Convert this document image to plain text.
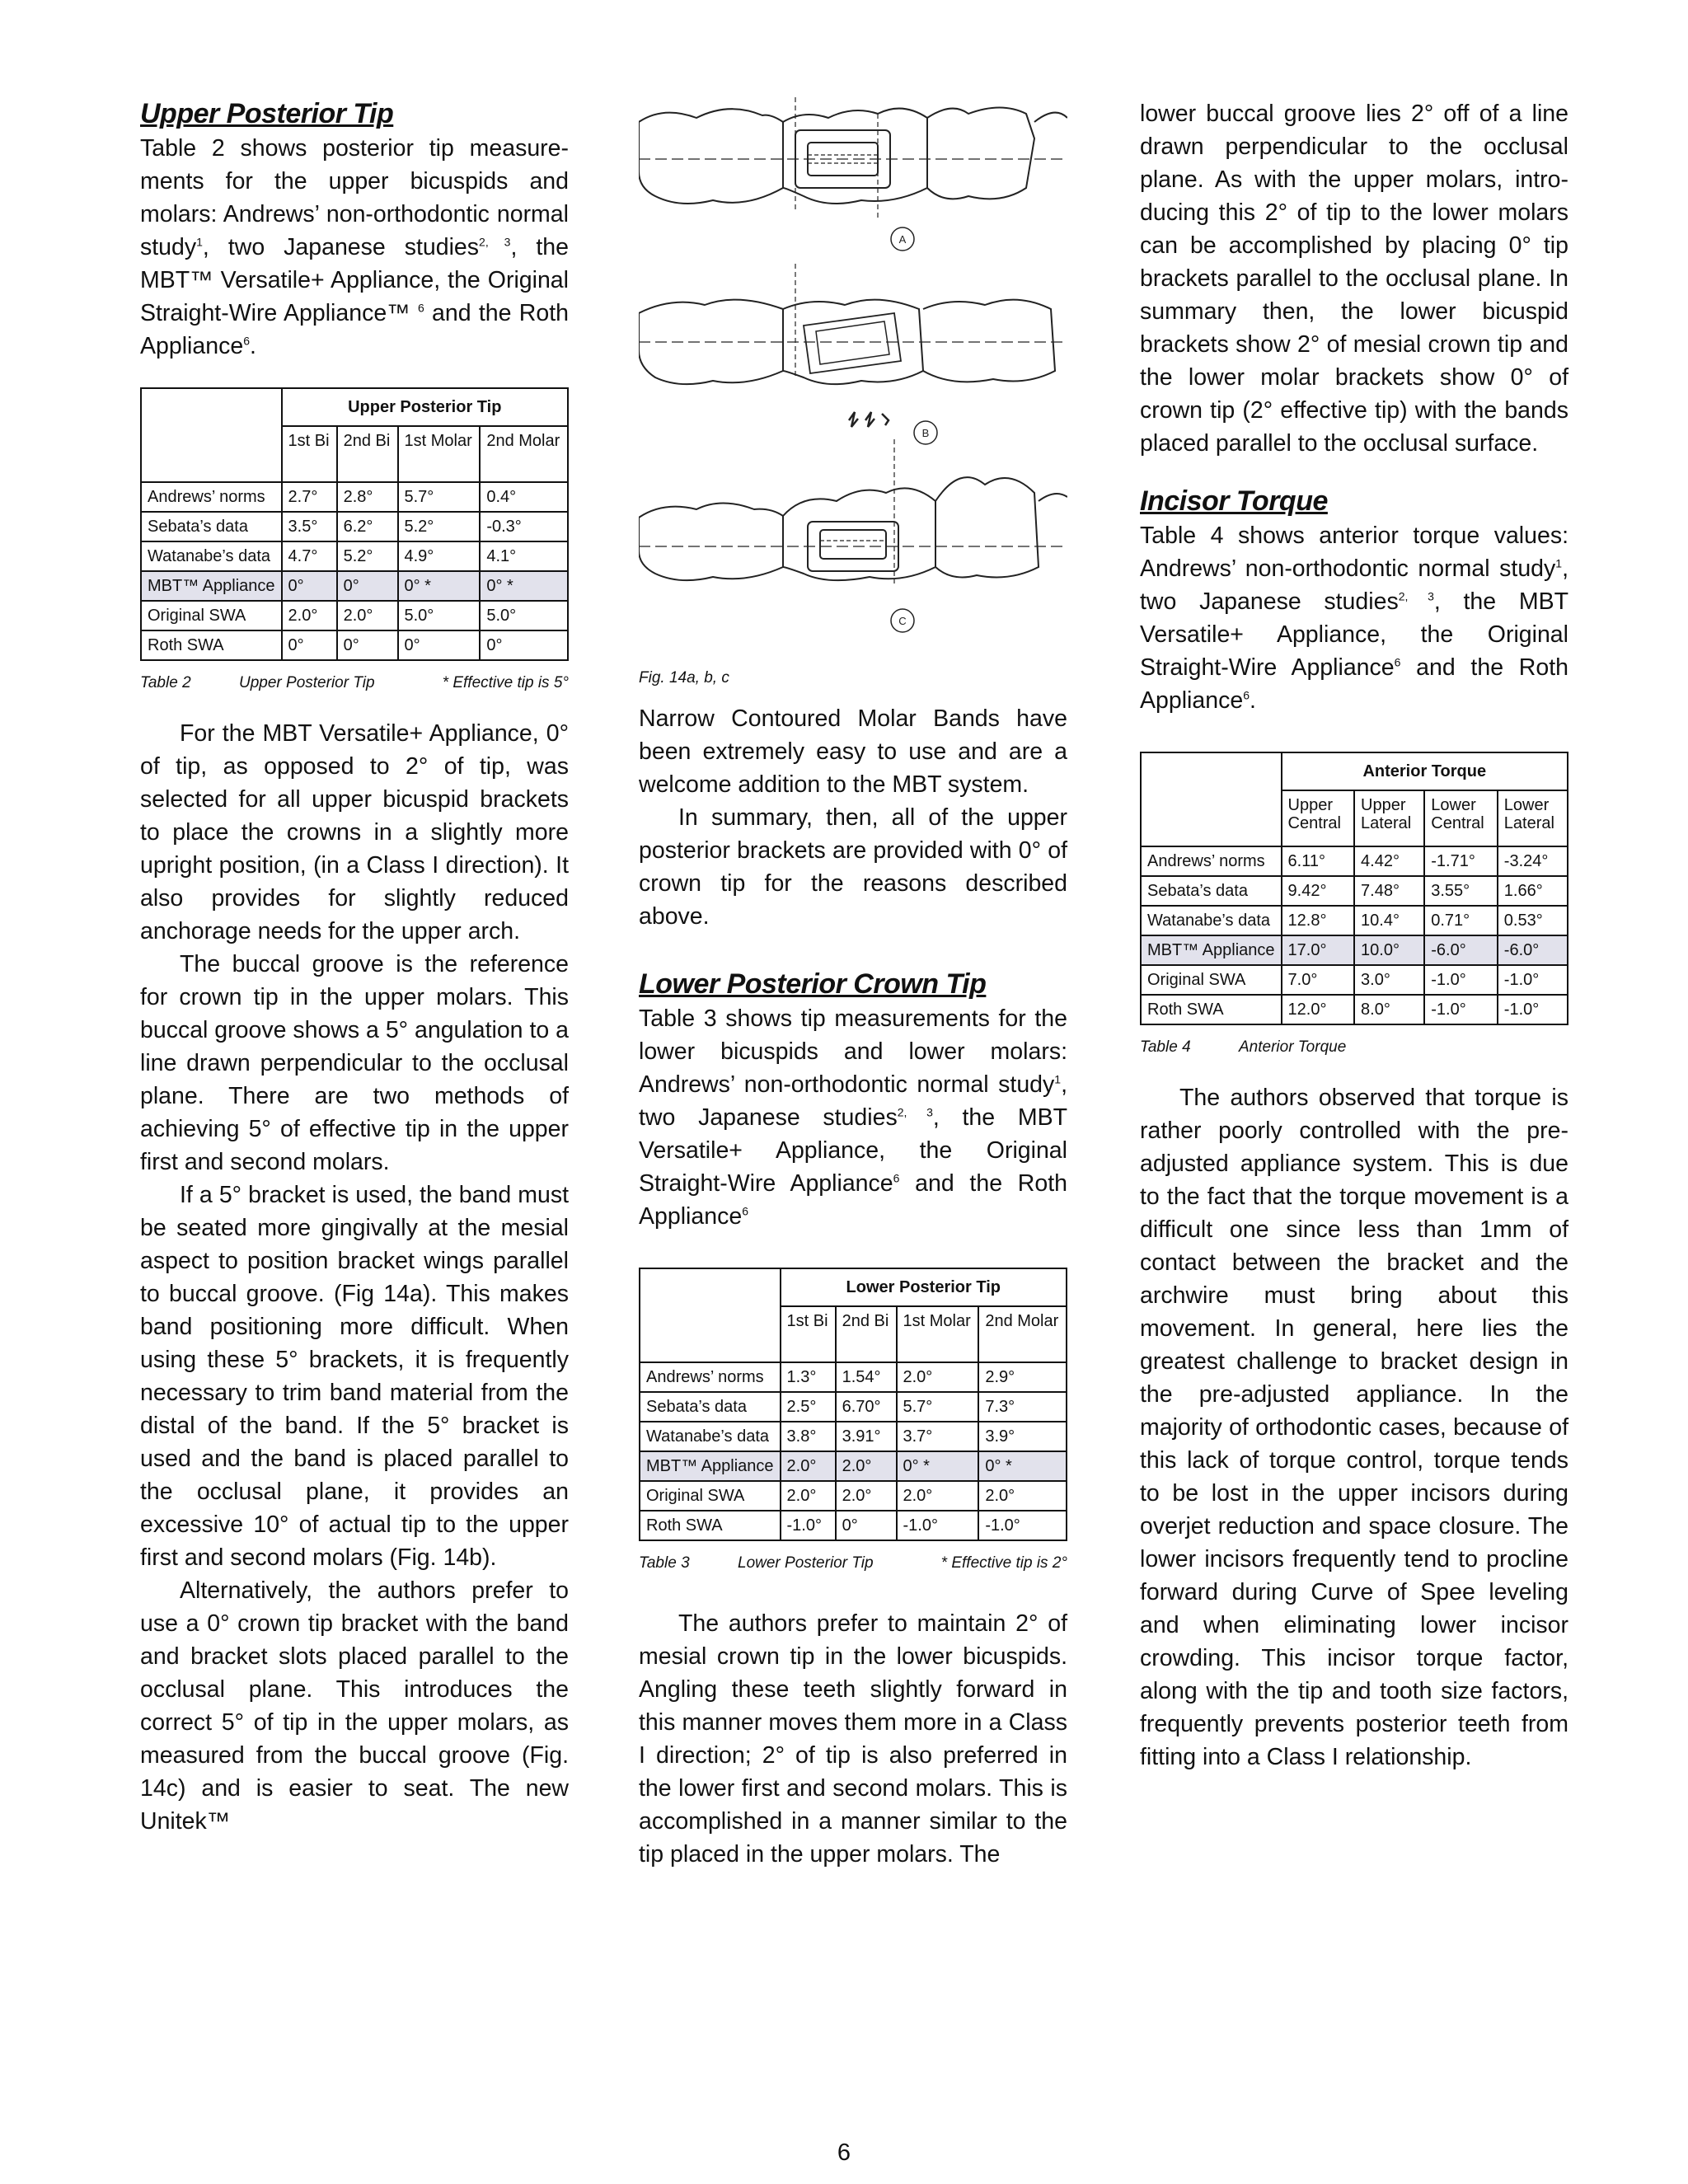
Upper Posterior Tip

Table 2 shows posterior tip measure-ments for the upper bicuspids and molars: Andrews’ non-orthodontic normal study$^1$, two Japanese studies$^{2, 3}$, the MBT™ Versatile+ Appliance, the Original Straight-Wire Appliance™ $^6$ and the Roth Appliance$^6$.

	Upper Posterior Tip			
	1st Bi	2nd Bi	1st Molar	2nd Molar
Andrews’ norms	2.7°	2.8°	5.7°	0.4°
Sebata’s data	3.5°	6.2°	5.2°	-0.3°
Watanabe’s data	4.7°	5.2°	4.9°	4.1°
MBT™ Appliance	0°	0°	0° *	0° *
Original SWA	2.0°	2.0°	5.0°	5.0°
Roth SWA	0°	0°	0°	0°
Table 2	Upper Posterior Tip	* Effective tip is 5°

For the MBT Versatile+ Appliance, 0° of tip, as opposed to 2° of tip, was selected for all upper bicuspid brackets to place the crowns in a slightly more upright position, (in a Class I direction). It also provides for slightly reduced anchorage needs for the upper arch.

The buccal groove is the reference for crown tip in the upper molars. This buccal groove shows a 5° angulation to a line drawn perpendicular to the occlusal plane. There are two methods of achieving 5° of effective tip in the upper first and second molars.

If a 5° bracket is used, the band must be seated more gingivally at the mesial aspect to position bracket wings parallel to buccal groove. (Fig 14a). This makes band positioning more difficult. When using these 5° brackets, it is frequently necessary to trim band material from the distal of the band. If the 5° bracket is used and the band is placed parallel to the occlusal plane, it provides an excessive 10° of actual tip to the upper first and second molars (Fig. 14b).

Alternatively, the authors prefer to use a 0° crown tip bracket with the band and bracket slots placed parallel to the occlusal plane. This introduces the correct 5° of tip in the upper molars, as measured from the buccal groove (Fig. 14c) and is easier to seat. The new Unitek™

A
B
C
Fig. 14a, b, c

Narrow Contoured Molar Bands have been extremely easy to use and are a welcome addition to the MBT system.

In summary, then, all of the upper posterior brackets are provided with 0° of crown tip for the reasons described above.

Lower Posterior Crown Tip

Table 3 shows tip measurements for the lower bicuspids and lower molars: Andrews’ non-orthodontic normal study$^1$, two Japanese studies$^{2, 3}$, the MBT Versatile+ Appliance, the Original Straight-Wire Appliance$^6$ and the Roth Appliance$^6$

	Lower Posterior Tip			
	1st Bi	2nd Bi	1st Molar	2nd Molar
Andrews’ norms	1.3°	1.54°	2.0°	2.9°
Sebata’s data	2.5°	6.70°	5.7°	7.3°
Watanabe’s data	3.8°	3.91°	3.7°	3.9°
MBT™ Appliance	2.0°	2.0°	0° *	0° *
Original SWA	2.0°	2.0°	2.0°	2.0°
Roth SWA	-1.0°	0°	-1.0°	-1.0°
Table 3	Lower Posterior Tip	* Effective tip is 2°

The authors prefer to maintain 2° of mesial crown tip in the lower bicuspids. Angling these teeth slightly forward in this manner moves them more in a Class I direction; 2° of tip is also preferred in the lower first and second molars. This is accomplished in a manner similar to the tip placed in the upper molars. The

lower buccal groove lies 2° off of a line drawn perpendicular to the occlusal plane. As with the upper molars, intro-ducing this 2° of tip to the lower molars can be accomplished by placing 0° tip brackets parallel to the occlusal plane. In summary then, the lower bicuspid brackets show 2° of mesial crown tip and the lower molar brackets show 0° of crown tip (2° effective tip) with the bands placed parallel to the occlusal surface.

Incisor Torque

Table 4 shows anterior torque values: Andrews’ non-orthodontic normal study$^1$, two Japanese studies$^{2, 3}$, the MBT Versatile+ Appliance, the Original Straight-Wire Appliance$^6$ and the Roth Appliance$^6$.

	Anterior Torque			
	Upper Central	Upper Lateral	Lower Central	Lower Lateral
Andrews’ norms	6.11°	4.42°	-1.71°	-3.24°
Sebata’s data	9.42°	7.48°	3.55°	1.66°
Watanabe’s data	12.8°	10.4°	0.71°	0.53°
MBT™ Appliance	17.0°	10.0°	-6.0°	-6.0°
Original SWA	7.0°	3.0°	-1.0°	-1.0°
Roth SWA	12.0°	8.0°	-1.0°	-1.0°
Table 4	Anterior Torque

The authors observed that torque is rather poorly controlled with the pre-adjusted appliance system. This is due to the fact that the torque movement is a difficult one since less than 1mm of contact between the bracket and the archwire must bring about this movement. In general, here lies the greatest challenge to bracket design in the pre-adjusted appliance. In the majority of orthodontic cases, because of this lack of torque control, torque tends to be lost in the upper incisors during overjet reduction and space closure. The lower incisors frequently tend to procline forward during Curve of Spee leveling and when eliminating lower incisor crowding. This incisor torque factor, along with the tip and tooth size factors, frequently prevents posterior teeth from fitting into a Class I relationship.

6
